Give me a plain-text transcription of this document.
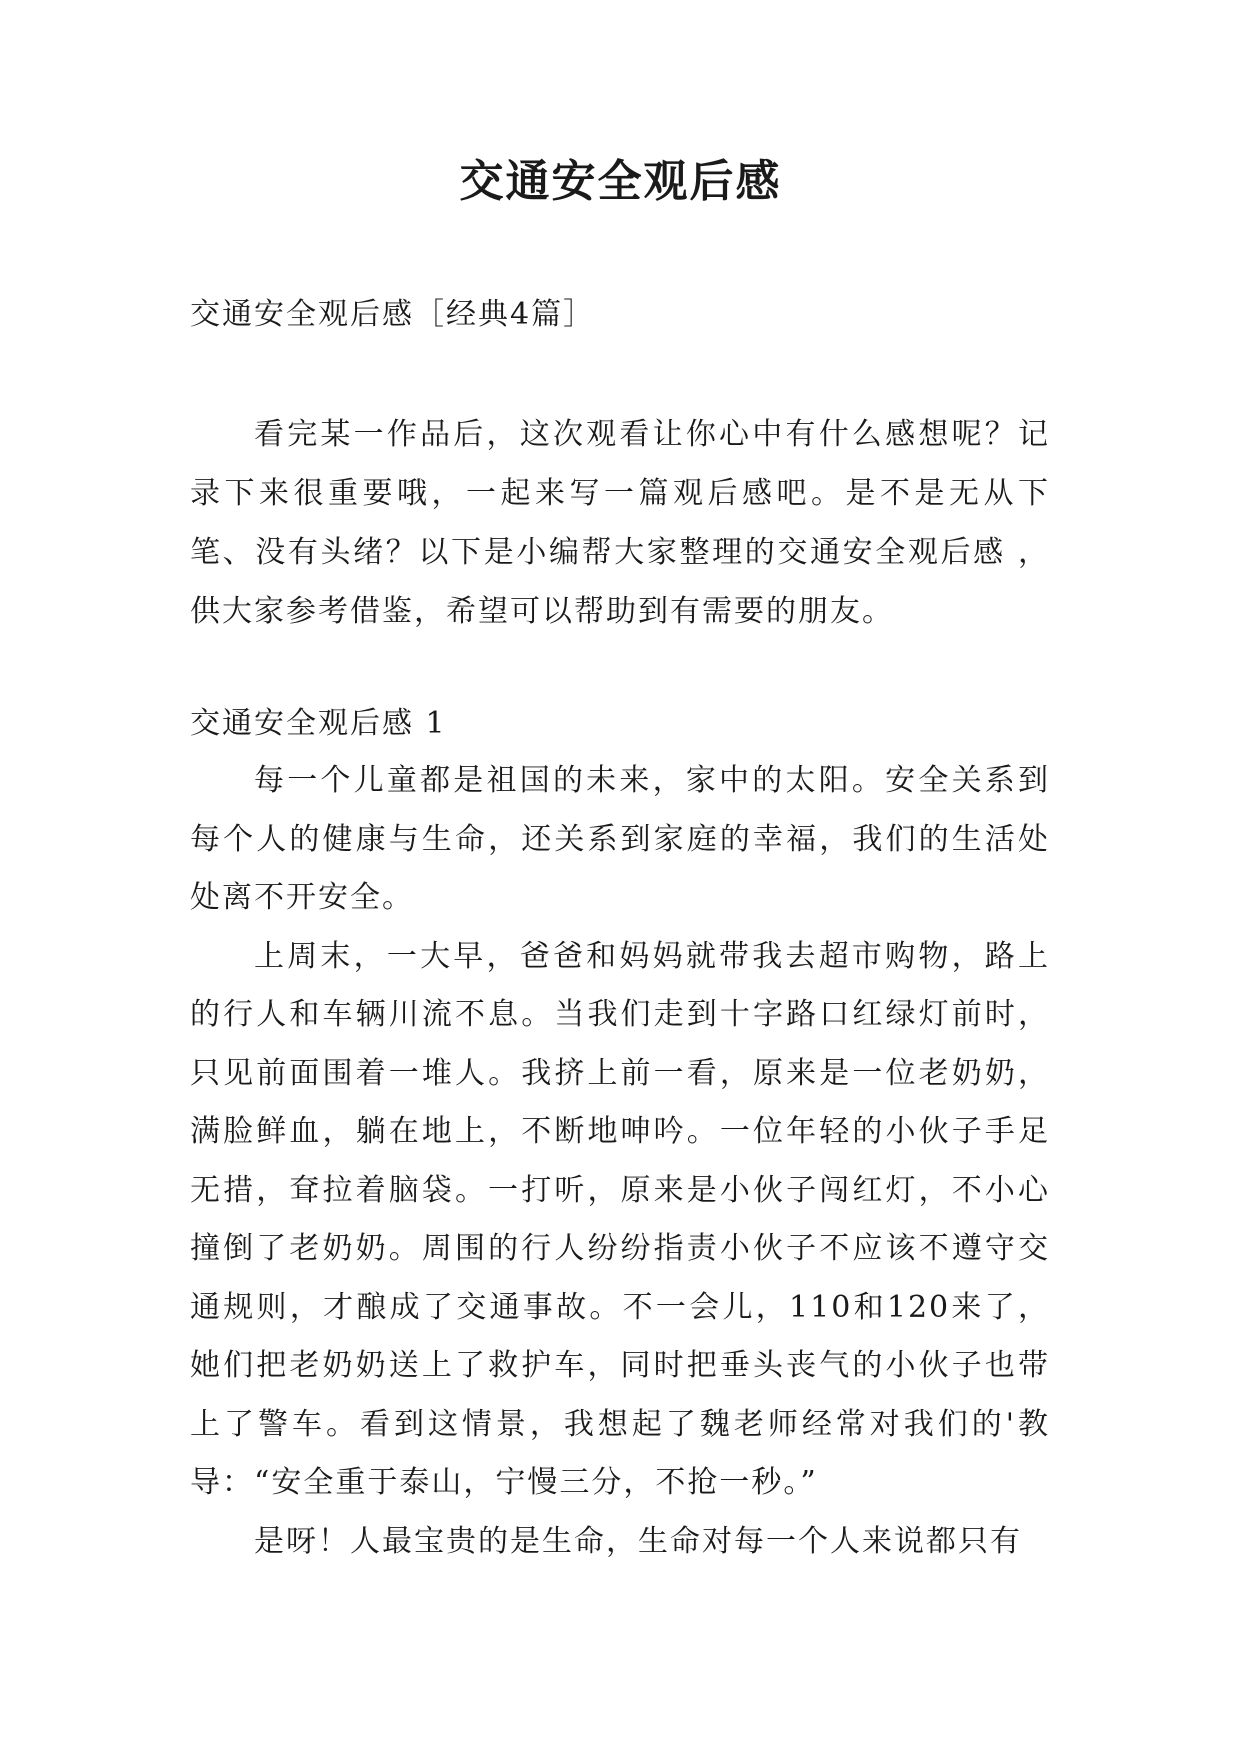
交通安全观后感
交通安全观后感［经典4篇］

看完某一作品后，这次观看让你心中有什么感想呢？记录下来很重要哦，一起来写一篇观后感吧。是不是无从下笔、没有头绪？以下是小编帮大家整理的交通安全观后感 ，供大家参考借鉴，希望可以帮助到有需要的朋友。

交通安全观后感 1

每一个儿童都是祖国的未来，家中的太阳。安全关系到每个人的健康与生命，还关系到家庭的幸福，我们的生活处处离不开安全。

上周末，一大早，爸爸和妈妈就带我去超市购物，路上的行人和车辆川流不息。当我们走到十字路口红绿灯前时，只见前面围着一堆人。我挤上前一看，原来是一位老奶奶，满脸鲜血，躺在地上，不断地呻吟。一位年轻的小伙子手足无措，耷拉着脑袋。一打听，原来是小伙子闯红灯，不小心撞倒了老奶奶。周围的行人纷纷指责小伙子不应该不遵守交通规则，才酿成了交通事故。不一会儿，110和120来了，她们把老奶奶送上了救护车，同时把垂头丧气的小伙子也带上了警车。看到这情景，我想起了魏老师经常对我们的'教导：“安全重于泰山，宁慢三分，不抢一秒。”

是呀！人最宝贵的是生命，生命对每一个人来说都只有
